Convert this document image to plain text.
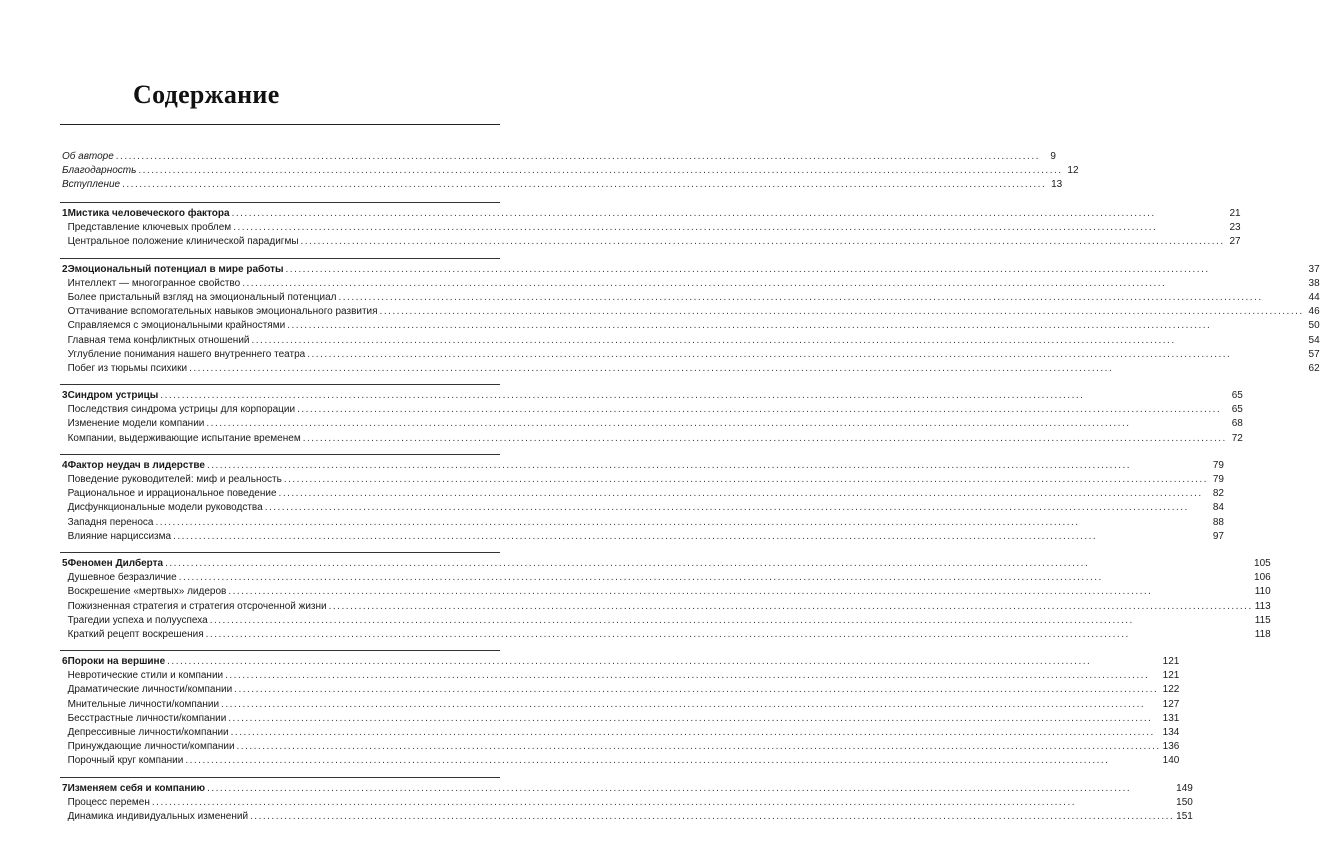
Содержание
Об авторе .....	9
Благодарность .....	12
Вступление .....	13
1 Мистика человеческого фактора .....	21
Представление ключевых проблем .....	23
Центральное положение клинической парадигмы .....	27
2 Эмоциональный потенциал в мире работы .....	37
Интеллект — многогранное свойство .....	38
Более пристальный взгляд на эмоциональный потенциал .....	44
Оттачивание вспомогательных навыков эмоционального развития .....	46
Справляемся с эмоциональными крайностями .....	50
Главная тема конфликтных отношений .....	54
Углубление понимания нашего внутреннего театра .....	57
Побег из тюрьмы психики .....	62
3 Синдром устрицы .....	65
Последствия синдрома устрицы для корпорации .....	65
Изменение модели компании .....	68
Компании, выдерживающие испытание временем .....	72
4 Фактор неудач в лидерстве .....	79
Поведение руководителей: миф и реальность .....	79
Рациональное и иррациональное поведение .....	82
Дисфункциональные модели руководства .....	84
Западня переноса .....	88
Влияние нарциссизма .....	97
5 Феномен Дилберта .....	105
Душевное безразличие .....	106
Воскрешение «мертвых» лидеров .....	110
Пожизненная стратегия и стратегия отсроченной жизни .....	113
Трагедии успеха и полууспеха .....	115
Краткий рецепт воскрешения .....	118
6 Пороки на вершине .....	121
Невротические стили и компании .....	121
Драматические личности/компании .....	122
Мнительные личности/компании .....	127
Бесстрастные личности/компании .....	131
Депрессивные личности/компании .....	134
Принуждающие личности/компании .....	136
Порочный круг компании .....	140
7 Изменяем себя и компанию .....	149
Процесс перемен .....	150
Динамика индивидуальных изменений .....	151
